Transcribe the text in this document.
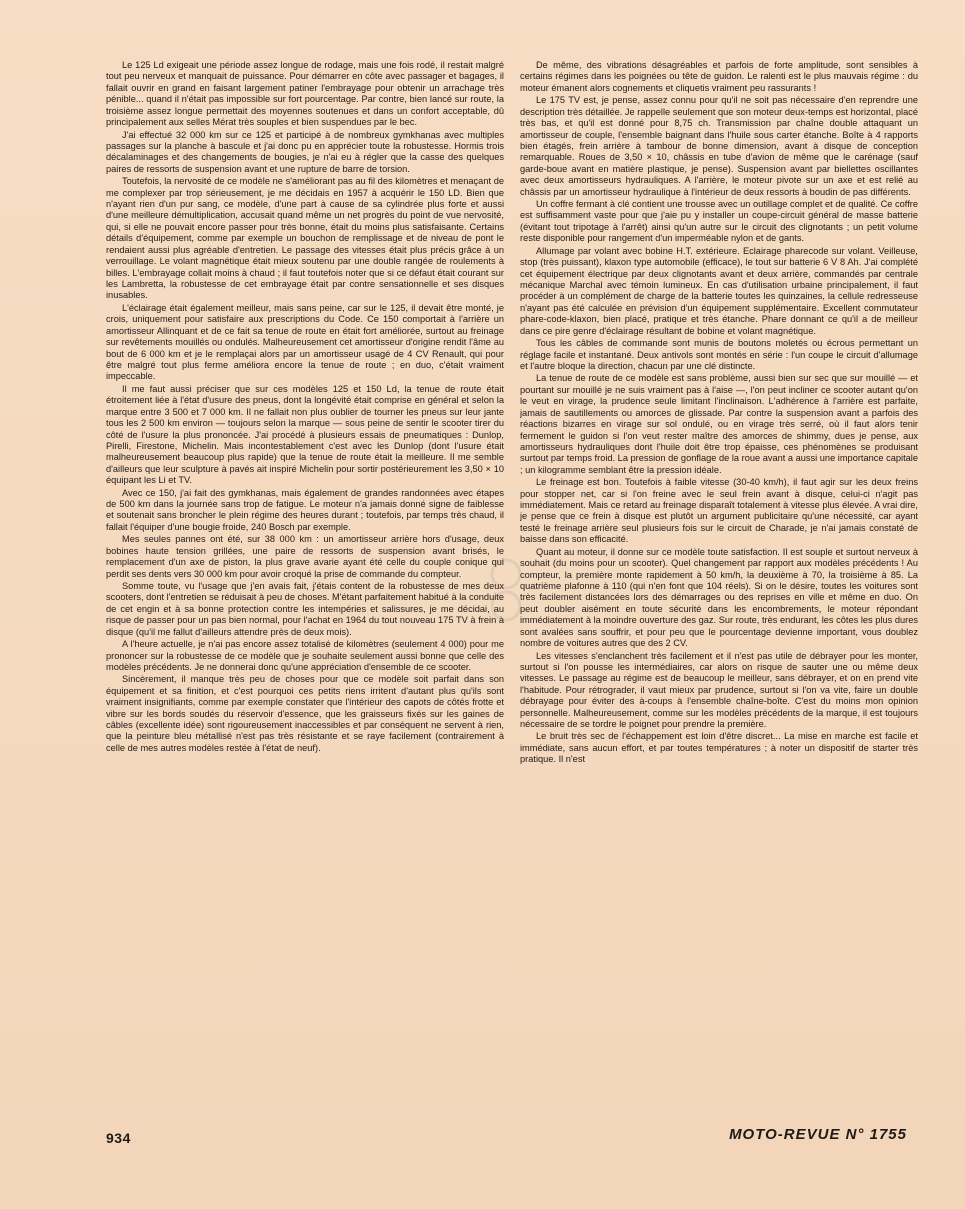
Le 125 Ld exigeait une période assez longue de rodage, mais une fois rodé, il restait malgré tout peu nerveux et manquait de puissance. Pour démarrer en côte avec passager et bagages, il fallait ouvrir en grand en faisant largement patiner l'embrayage pour obtenir un arrachage très pénible... quand il n'était pas impossible sur fort pourcentage. Par contre, bien lancé sur route, la troisième assez longue permettait des moyennes soutenues et dans un confort acceptable, dû principalement aux selles Mérat très souples et bien suspendues par le bec.

J'ai effectué 32 000 km sur ce 125 et participé à de nombreux gymkhanas avec multiples passages sur la planche à bascule et j'ai donc pu en apprécier toute la robustesse. Hormis trois décalaminages et des changements de bougies, je n'ai eu à régler que la casse des quelques paires de ressorts de suspension avant et une rupture de barre de torsion.

Toutefois, la nervosité de ce modèle ne s'améliorant pas au fil des kilomètres et menaçant de me complexer par trop sérieusement, je me décidais en 1957 à acquérir le 150 LD. Bien que n'ayant rien d'un pur sang, ce modèle, d'une part à cause de sa cylindrée plus forte et aussi d'une meilleure démultiplication, accusait quand même un net progrès du point de vue nervosité, qui, si elle ne pouvait encore passer pour très bonne, était du moins plus satisfaisante. Certains détails d'équipement, comme par exemple un bouchon de remplissage et de niveau de pont le rendaient aussi plus agréable d'entretien. Le passage des vitesses était plus précis grâce à un verrouillage. Le volant magnétique était mieux soutenu par une double rangée de roulements à billes. L'embrayage collait moins à chaud ; il faut toutefois noter que si ce défaut était courant sur les Lambretta, la robustesse de cet embrayage était par contre sensationnelle et ses disques inusables.

L'éclairage était également meilleur, mais sans peine, car sur le 125, il devait être monté, je crois, uniquement pour satisfaire aux prescriptions du Code. Ce 150 comportait à l'arrière un amortisseur Allinquant et de ce fait sa tenue de route en était fort améliorée, surtout au freinage sur revêtements mouillés ou ondulés. Malheureusement cet amortisseur d'origine rendit l'âme au bout de 6 000 km et je le remplaçai alors par un amortisseur usagé de 4 CV Renault, qui pour être malgré tout plus ferme améliora encore la tenue de route ; en duo, c'était vraiment impeccable.

Il me faut aussi préciser que sur ces modèles 125 et 150 Ld, la tenue de route était étroitement liée à l'état d'usure des pneus, dont la longévité était comprise en général et selon la marque entre 3 500 et 7 000 km. Il ne fallait non plus oublier de tourner les pneus sur leur jante tous les 2 500 km environ — toujours selon la marque — sous peine de sentir le scooter tirer du côté de l'usure la plus prononcée. J'ai procédé à plusieurs essais de pneumatiques : Dunlop, Pirelli, Firestone, Michelin. Mais incontestablement c'est avec les Dunlop (dont l'usure était malheureusement beaucoup plus rapide) que la tenue de route était la meilleure. Il me semble d'ailleurs que leur sculpture à pavés ait inspiré Michelin pour sortir postérieurement les 3,50 × 10 équipant les Li et TV.

Avec ce 150, j'ai fait des gymkhanas, mais également de grandes randonnées avec étapes de 500 km dans la journée sans trop de fatigue. Le moteur n'a jamais donné signe de faiblesse et soutenait sans broncher le plein régime des heures durant ; toutefois, par temps très chaud, il fallait l'équiper d'une bougie froide, 240 Bosch par exemple.

Mes seules pannes ont été, sur 38 000 km : un amortisseur arrière hors d'usage, deux bobines haute tension grillées, une paire de ressorts de suspension avant brisés, le remplacement d'un axe de piston, la plus grave avarie ayant été celle du couple conique qui perdit ses dents vers 30 000 km pour avoir croqué la prise de commande du compteur.

Somme toute, vu l'usage que j'en avais fait, j'étais content de la robustesse de mes deux scooters, dont l'entretien se réduisait à peu de choses. M'étant parfaitement habitué à la conduite de cet engin et à sa bonne protection contre les intempéries et salissures, je me décidai, au risque de passer pour un pas bien normal, pour l'achat en 1964 du tout nouveau 175 TV à frein à disque (qu'il me fallut d'ailleurs attendre près de deux mois).

A l'heure actuelle, je n'ai pas encore assez totalisé de kilomètres (seulement 4 000) pour me prononcer sur la robustesse de ce modèle que je souhaite seulement aussi bonne que celle des modèles précédents. Je ne donnerai donc qu'une appréciation d'ensemble de ce scooter.

Sincèrement, il manque très peu de choses pour que ce modèle soit parfait dans son équipement et sa finition, et c'est pourquoi ces petits riens irritent d'autant plus qu'ils sont vraiment insignifiants, comme par exemple constater que l'intérieur des capots de côtés frotte et vibre sur les bords soudés du réservoir d'essence, que les graisseurs fixés sur les gaines de câbles (excellente idée) sont rigoureusement inaccessibles et par conséquent ne servent à rien, que la peinture bleu métallisé n'est pas très résistante et se raye facilement (contrairement à celle de mes autres modèles restée à l'état de neuf).

De même, des vibrations désagréables et parfois de forte amplitude, sont sensibles à certains régimes dans les poignées ou tête de guidon. Le ralenti est le plus mauvais régime : du moteur émanent alors cognements et cliquetis vraiment peu rassurants !

Le 175 TV est, je pense, assez connu pour qu'il ne soit pas nécessaire d'en reprendre une description très détaillée. Je rappelle seulement que son moteur deux-temps est horizontal, placé très bas, et qu'il est donné pour 8,75 ch. Transmission par chaîne double attaquant un amortisseur de couple, l'ensemble baignant dans l'huile sous carter étanche. Boîte à 4 rapports bien étagés, frein arrière à tambour de bonne dimension, avant à disque de conception remarquable. Roues de 3,50 × 10, châssis en tube d'avion de même que le carénage (sauf garde-boue avant en matière plastique, je pense). Suspension avant par biellettes oscillantes avec deux amortisseurs hydrauliques. A l'arrière, le moteur pivote sur un axe et est relié au châssis par un amortisseur hydraulique à l'intérieur de deux ressorts à boudin de pas différents.

Un coffre fermant à clé contient une trousse avec un outillage complet et de qualité. Ce coffre est suffisamment vaste pour que j'aie pu y installer un coupe-circuit général de masse batterie (évitant tout tripotage à l'arrêt) ainsi qu'un autre sur le circuit des clignotants ; un petit volume reste disponible pour rangement d'un imperméable nylon et de gants.

Allumage par volant avec bobine H.T. extérieure. Eclairage pharecode sur volant. Veilleuse, stop (très puissant), klaxon type automobile (efficace), le tout sur batterie 6 V 8 Ah. J'ai complété cet équipement électrique par deux clignotants avant et deux arrière, commandés par centrale mécanique Marchal avec témoin lumineux. En cas d'utilisation urbaine principalement, il faut procéder à un complément de charge de la batterie toutes les quinzaines, la cellule redresseuse n'ayant pas été calculée en prévision d'un équipement supplémentaire. Excellent commutateur phare-code-klaxon, bien placé, pratique et très étanche. Phare donnant ce qu'il a de meilleur dans ce pire genre d'éclairage résultant de bobine et volant magnétique.

Tous les câbles de commande sont munis de boutons moletés ou écrous permettant un réglage facile et instantané. Deux antivols sont montés en série : l'un coupe le circuit d'allumage et l'autre bloque la direction, chacun par une clé distincte.

La tenue de route de ce modèle est sans problème, aussi bien sur sec que sur mouillé — et pourtant sur mouillé je ne suis vraiment pas à l'aise —, l'on peut incliner ce scooter autant qu'on le veut en virage, la prudence seule limitant l'inclinaison. L'adhérence à l'arrière est parfaite, jamais de sautillements ou amorces de glissade. Par contre la suspension avant a parfois des réactions bizarres en virage sur sol ondulé, ou en virage très serré, où il faut alors tenir fermement le guidon si l'on veut rester maître des amorces de shimmy, dues je pense, aux amortisseurs hydrauliques dont l'huile doit être trop épaisse, ces phénomènes se produisant surtout par temps froid. La pression de gonflage de la roue avant a aussi une importance capitale ; un kilogramme semblant être la pression idéale.

Le freinage est bon. Toutefois à faible vitesse (30-40 km/h), il faut agir sur les deux freins pour stopper net, car si l'on freine avec le seul frein avant à disque, celui-ci n'agit pas immédiatement. Mais ce retard au freinage disparaît totalement à vitesse plus élevée. A vrai dire, je pense que ce frein à disque est plutôt un argument publicitaire qu'une nécessité, car ayant testé le freinage arrière seul plusieurs fois sur le circuit de Charade, je n'ai jamais constaté de baisse dans son efficacité.

Quant au moteur, il donne sur ce modèle toute satisfaction. Il est souple et surtout nerveux à souhait (du moins pour un scooter). Quel changement par rapport aux modèles précédents ! Au compteur, la première monte rapidement à 50 km/h, la deuxième à 70, la troisième à 85. La quatrième plafonne à 110 (qui n'en font que 104 réels). Si on le désire, toutes les voitures sont très facilement distancées lors des démarrages ou des reprises en ville et même en duo. On peut doubler aisément en toute sécurité dans les encombrements, le moteur répondant immédiatement à la moindre ouverture des gaz. Sur route, très endurant, les côtes les plus dures sont avalées sans souffrir, et pour peu que le pourcentage devienne important, vous doublez nombre de voitures autres que des 2 CV.

Les vitesses s'enclanchent très facilement et il n'est pas utile de débrayer pour les monter, surtout si l'on pousse les intermédiaires, car alors on risque de sauter une ou même deux vitesses. Le passage au régime est de beaucoup le meilleur, sans débrayer, et on en prend vite l'habitude. Pour rétrograder, il vaut mieux par prudence, surtout si l'on va vite, faire un double débrayage pour éviter des à-coups à l'ensemble chaîne-boîte. C'est du moins mon opinion personnelle. Malheureusement, comme sur les modèles précédents de la marque, il est toujours nécessaire de se tordre le poignet pour prendre la première.

Le bruit très sec de l'échappement est loin d'être discret... La mise en marche est facile et immédiate, sans aucun effort, et par toutes températures ; à noter un dispositif de starter très pratique. Il n'est

934	MOTO-REVUE N° 1755
